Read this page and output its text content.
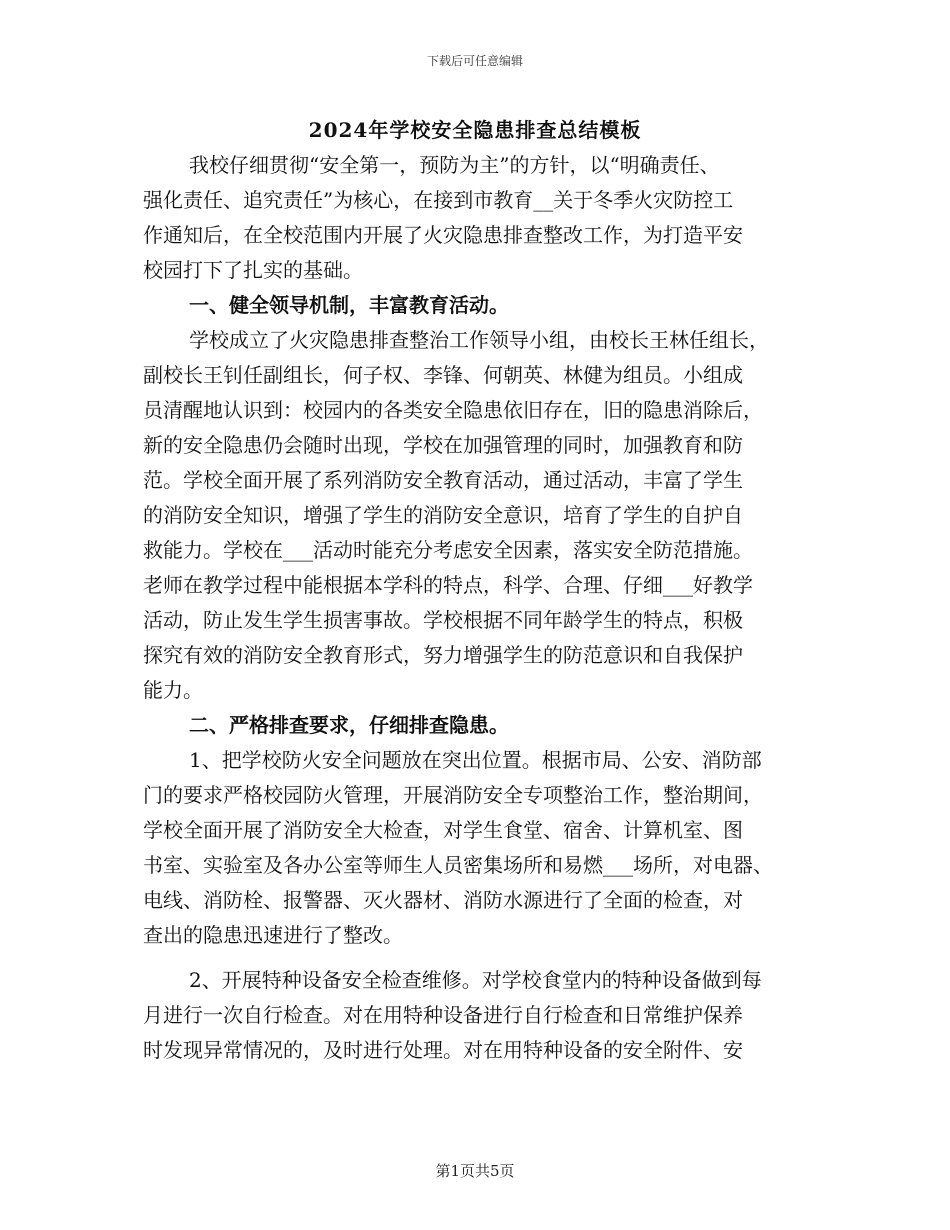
下载后可任意编辑
2024年学校安全隐患排查总结模板
我校仔细贯彻“安全第一，预防为主”的方针，以“明确责任、
强化责任、追究责任”为核心，在接到市教育__关于冬季火灾防控工
作通知后，在全校范围内开展了火灾隐患排查整改工作，为打造平安
校园打下了扎实的基础。
一、健全领导机制，丰富教育活动。
学校成立了火灾隐患排查整治工作领导小组，由校长王林任组长，
副校长王钊任副组长，何子权、李锋、何朝英、林健为组员。小组成
员清醒地认识到：校园内的各类安全隐患依旧存在，旧的隐患消除后，
新的安全隐患仍会随时出现，学校在加强管理的同时，加强教育和防
范。学校全面开展了系列消防安全教育活动，通过活动，丰富了学生
的消防安全知识，增强了学生的消防安全意识，培育了学生的自护自
救能力。学校在___活动时能充分考虑安全因素，落实安全防范措施。
老师在教学过程中能根据本学科的特点，科学、合理、仔细___好教学
活动，防止发生学生损害事故。学校根据不同年龄学生的特点，积极
探究有效的消防安全教育形式，努力增强学生的防范意识和自我保护
能力。
二、严格排查要求，仔细排查隐患。
1、把学校防火安全问题放在突出位置。根据市局、公安、消防部
门的要求严格校园防火管理，开展消防安全专项整治工作，整治期间，
学校全面开展了消防安全大检查，对学生食堂、宿舍、计算机室、图
书室、实验室及各办公室等师生人员密集场所和易燃___场所，对电器、
电线、消防栓、报警器、灭火器材、消防水源进行了全面的检查，对
查出的隐患迅速进行了整改。
2、开展特种设备安全检查维修。对学校食堂内的特种设备做到每
月进行一次自行检查。对在用特种设备进行自行检查和日常维护保养
时发现异常情况的，及时进行处理。对在用特种设备的安全附件、安
第1页共5页
